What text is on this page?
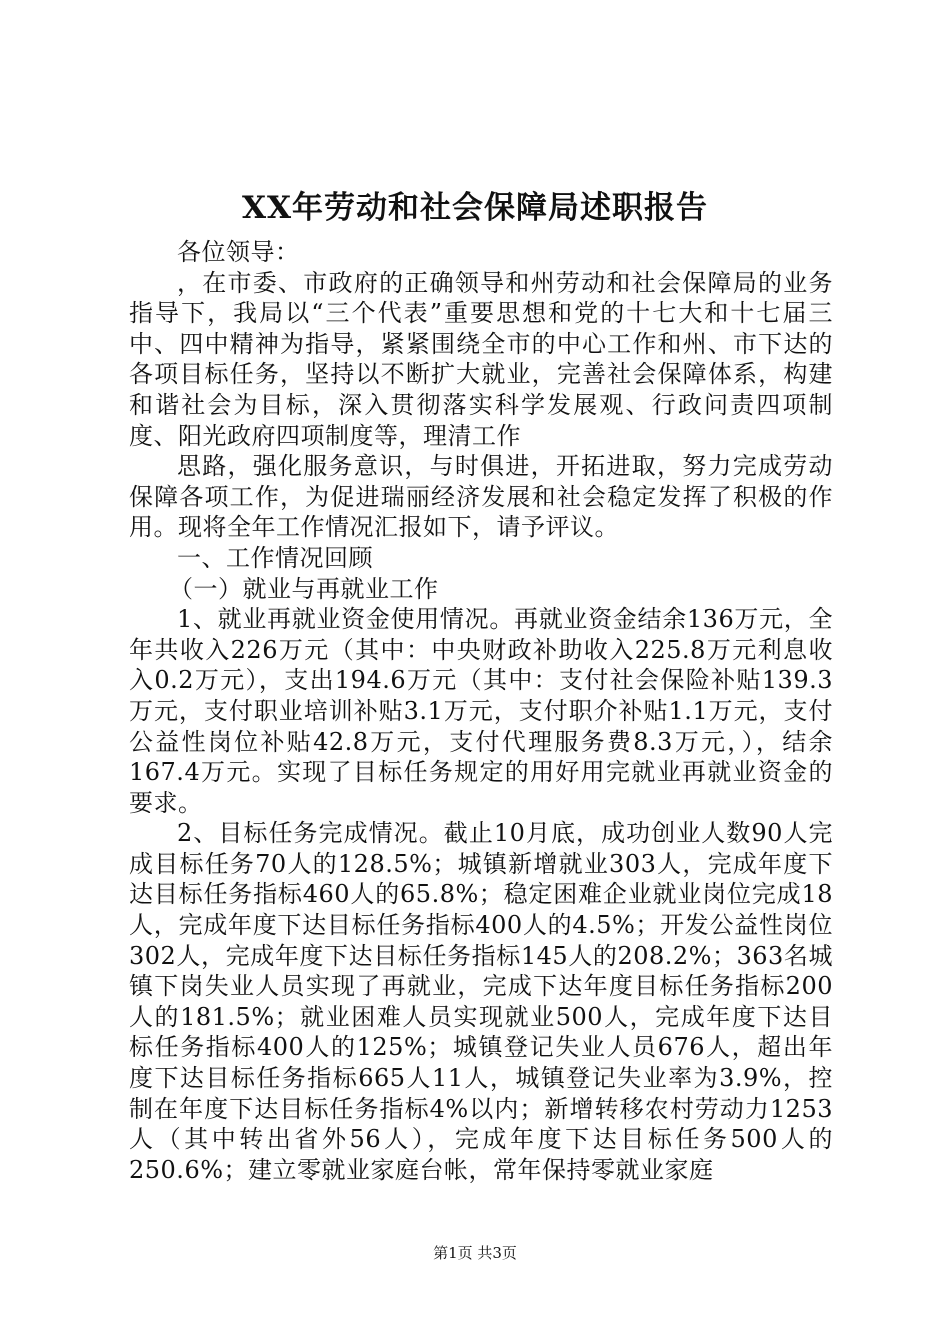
XX年劳动和社会保障局述职报告

各位领导：

，在市委、市政府的正确领导和州劳动和社会保障局的业务指导下，我局以“三个代表”重要思想和党的十七大和十七届三中、四中精神为指导，紧紧围绕全市的中心工作和州、市下达的各项目标任务，坚持以不断扩大就业，完善社会保障体系，构建和谐社会为目标，深入贯彻落实科学发展观、行政问责四项制度、阳光政府四项制度等，理清工作

思路，强化服务意识，与时俱进，开拓进取，努力完成劳动保障各项工作，为促进瑞丽经济发展和社会稳定发挥了积极的作用。现将全年工作情况汇报如下，请予评议。

一、工作情况回顾

（一）就业与再就业工作

1、就业再就业资金使用情况。再就业资金结余136万元，全年共收入226万元（其中：中央财政补助收入225.8万元利息收入0.2万元），支出194.6万元（其中：支付社会保险补贴139.3万元，支付职业培训补贴3.1万元，支付职介补贴1.1万元，支付公益性岗位补贴42.8万元，支付代理服务费8.3万元，），结余167.4万元。实现了目标任务规定的用好用完就业再就业资金的要求。

2、目标任务完成情况。截止10月底，成功创业人数90人完成目标任务70人的128.5%；城镇新增就业303人，完成年度下达目标任务指标460人的65.8%；稳定困难企业就业岗位完成18人，完成年度下达目标任务指标400人的4.5%；开发公益性岗位302人，完成年度下达目标任务指标145人的208.2%；363名城镇下岗失业人员实现了再就业，完成下达年度目标任务指标200人的181.5%；就业困难人员实现就业500人，完成年度下达目标任务指标400人的125%；城镇登记失业人员676人，超出年度下达目标任务指标665人11人，城镇登记失业率为3.9%，控制在年度下达目标任务指标4%以内；新增转移农村劳动力1253人（其中转出省外56人），完成年度下达目标任务500人的250.6%；建立零就业家庭台帐，常年保持零就业家庭

第1页 共3页
